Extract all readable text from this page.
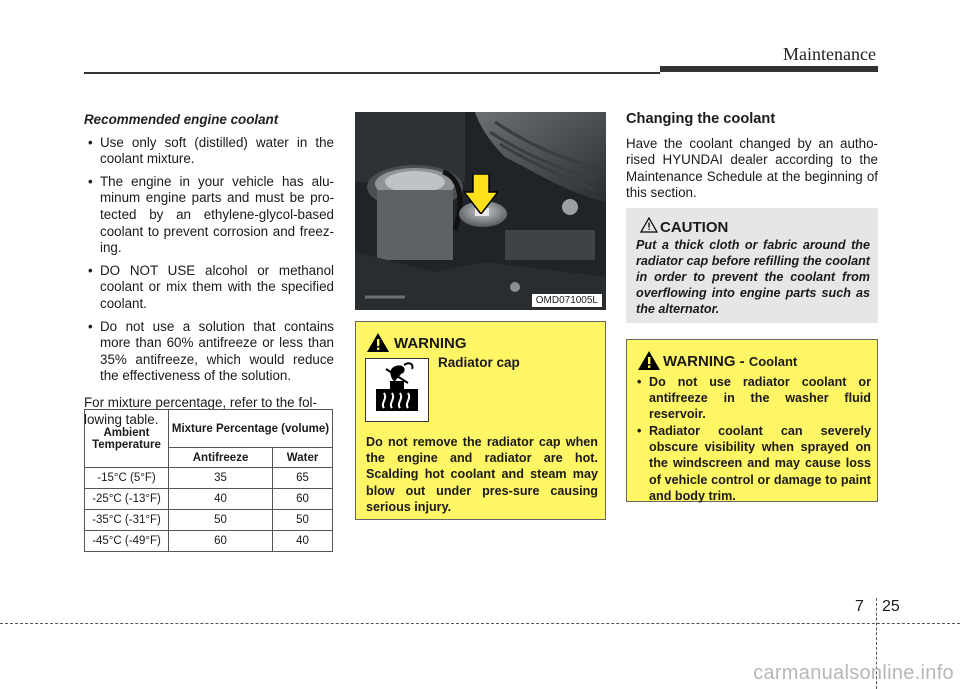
Maintenance

Recommended engine coolant

• Use only soft (distilled) water in the coolant mixture.
• The engine in your vehicle has alu-minum engine parts and must be pro-tected by an ethylene-glycol-based coolant to prevent corrosion and freez-ing.
• DO NOT USE alcohol or methanol coolant or mix them with the specified coolant.
• Do not use a solution that contains more than 60% antifreeze or less than 35% antifreeze, which would reduce the effectiveness of the solution.

For mixture percentage, refer to the fol-lowing table.

Ambient Temperature	Mixture Percentage (volume)	
	Antifreeze	Water
-15°C (5°F)	35	65
-25°C (-13°F)	40	60
-35°C (-31°F)	50	50
-45°C (-49°F)	60	40
OMD071005L
WARNING
Radiator cap
Do not remove the radiator cap when the engine and radiator are hot. Scalding hot coolant and steam may blow out under pres-sure causing serious injury.
Changing the coolant
Have the coolant changed by an autho-rised HYUNDAI dealer according to the Maintenance Schedule at the beginning of this section.
CAUTION
Put a thick cloth or fabric around the radiator cap before refilling the coolant in order to prevent the coolant from overflowing into engine parts such as the alternator.
WARNING - Coolant
• Do not use radiator coolant or antifreeze in the washer fluid reservoir.
• Radiator coolant can severely obscure visibility when sprayed on the windscreen and may cause loss of vehicle control or damage to paint and body trim.
7 25
carmanualsonline.info
